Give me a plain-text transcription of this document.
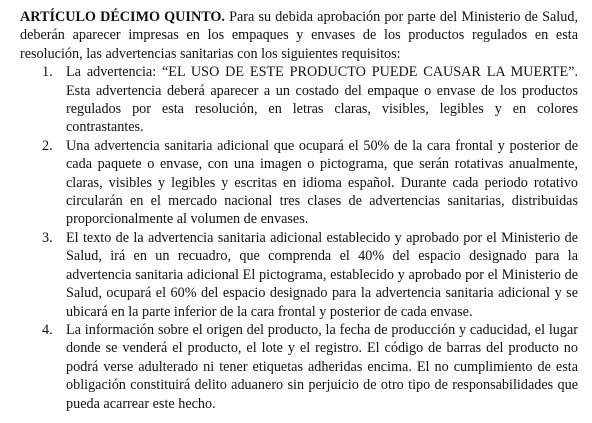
ARTÍCULO DÉCIMO QUINTO. Para su debida aprobación por parte del Ministerio de Salud, deberán aparecer impresas en los empaques y envases de los productos regulados en esta resolución, las advertencias sanitarias con los siguientes requisitos:

1. La advertencia: “EL USO DE ESTE PRODUCTO PUEDE CAUSAR LA MUERTE”. Esta advertencia deberá aparecer a un costado del empaque o envase de los productos regulados por esta resolución, en letras claras, visibles, legibles y en colores contrastantes.
2. Una advertencia sanitaria adicional que ocupará el 50% de la cara frontal y posterior de cada paquete o envase, con una imagen o pictograma, que serán rotativas anualmente, claras, visibles y legibles y escritas en idioma español. Durante cada periodo rotativo circularán en el mercado nacional tres clases de advertencias sanitarias, distribuidas proporcionalmente al volumen de envases.
3. El texto de la advertencia sanitaria adicional establecido y aprobado por el Ministerio de Salud, irá en un recuadro, que comprenda el 40% del espacio designado para la advertencia sanitaria adicional El pictograma, establecido y aprobado por el Ministerio de Salud, ocupará el 60% del espacio designado para la advertencia sanitaria adicional y se ubicará en la parte inferior de la cara frontal y posterior de cada envase.
4. La información sobre el origen del producto, la fecha de producción y caducidad, el lugar donde se venderá el producto, el lote y el registro. El código de barras del producto no podrá verse adulterado ni tener etiquetas adheridas encima. El no cumplimiento de esta obligación constituirá delito aduanero sin perjuicio de otro tipo de responsabilidades que pueda acarrear este hecho.
